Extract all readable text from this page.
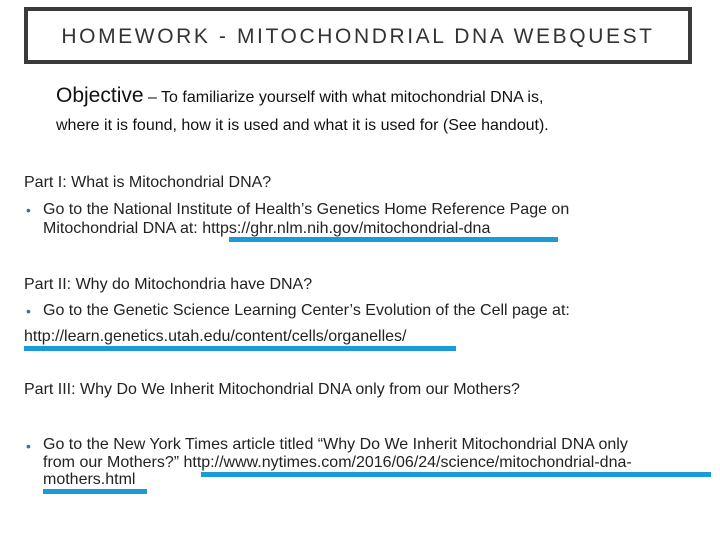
HOMEWORK - MITOCHONDRIAL DNA WEBQUEST
Objective – To familiarize yourself with what mitochondrial DNA is,
where it is found, how it is used and what it is used for (See handout).
Part I: What is Mitochondrial DNA?
• Go to the National Institute of Health’s Genetics Home Reference Page on
Mitochondrial DNA at: https://ghr.nlm.nih.gov/mitochondrial-dna
Part II: Why do Mitochondria have DNA?
• Go to the Genetic Science Learning Center’s Evolution of the Cell page at:
http://learn.genetics.utah.edu/content/cells/organelles/
Part III: Why Do We Inherit Mitochondrial DNA only from our Mothers?
• Go to the New York Times article titled “Why Do We Inherit Mitochondrial DNA only
from our Mothers?” http://www.nytimes.com/2016/06/24/science/mitochondrial-dna-
mothers.html
